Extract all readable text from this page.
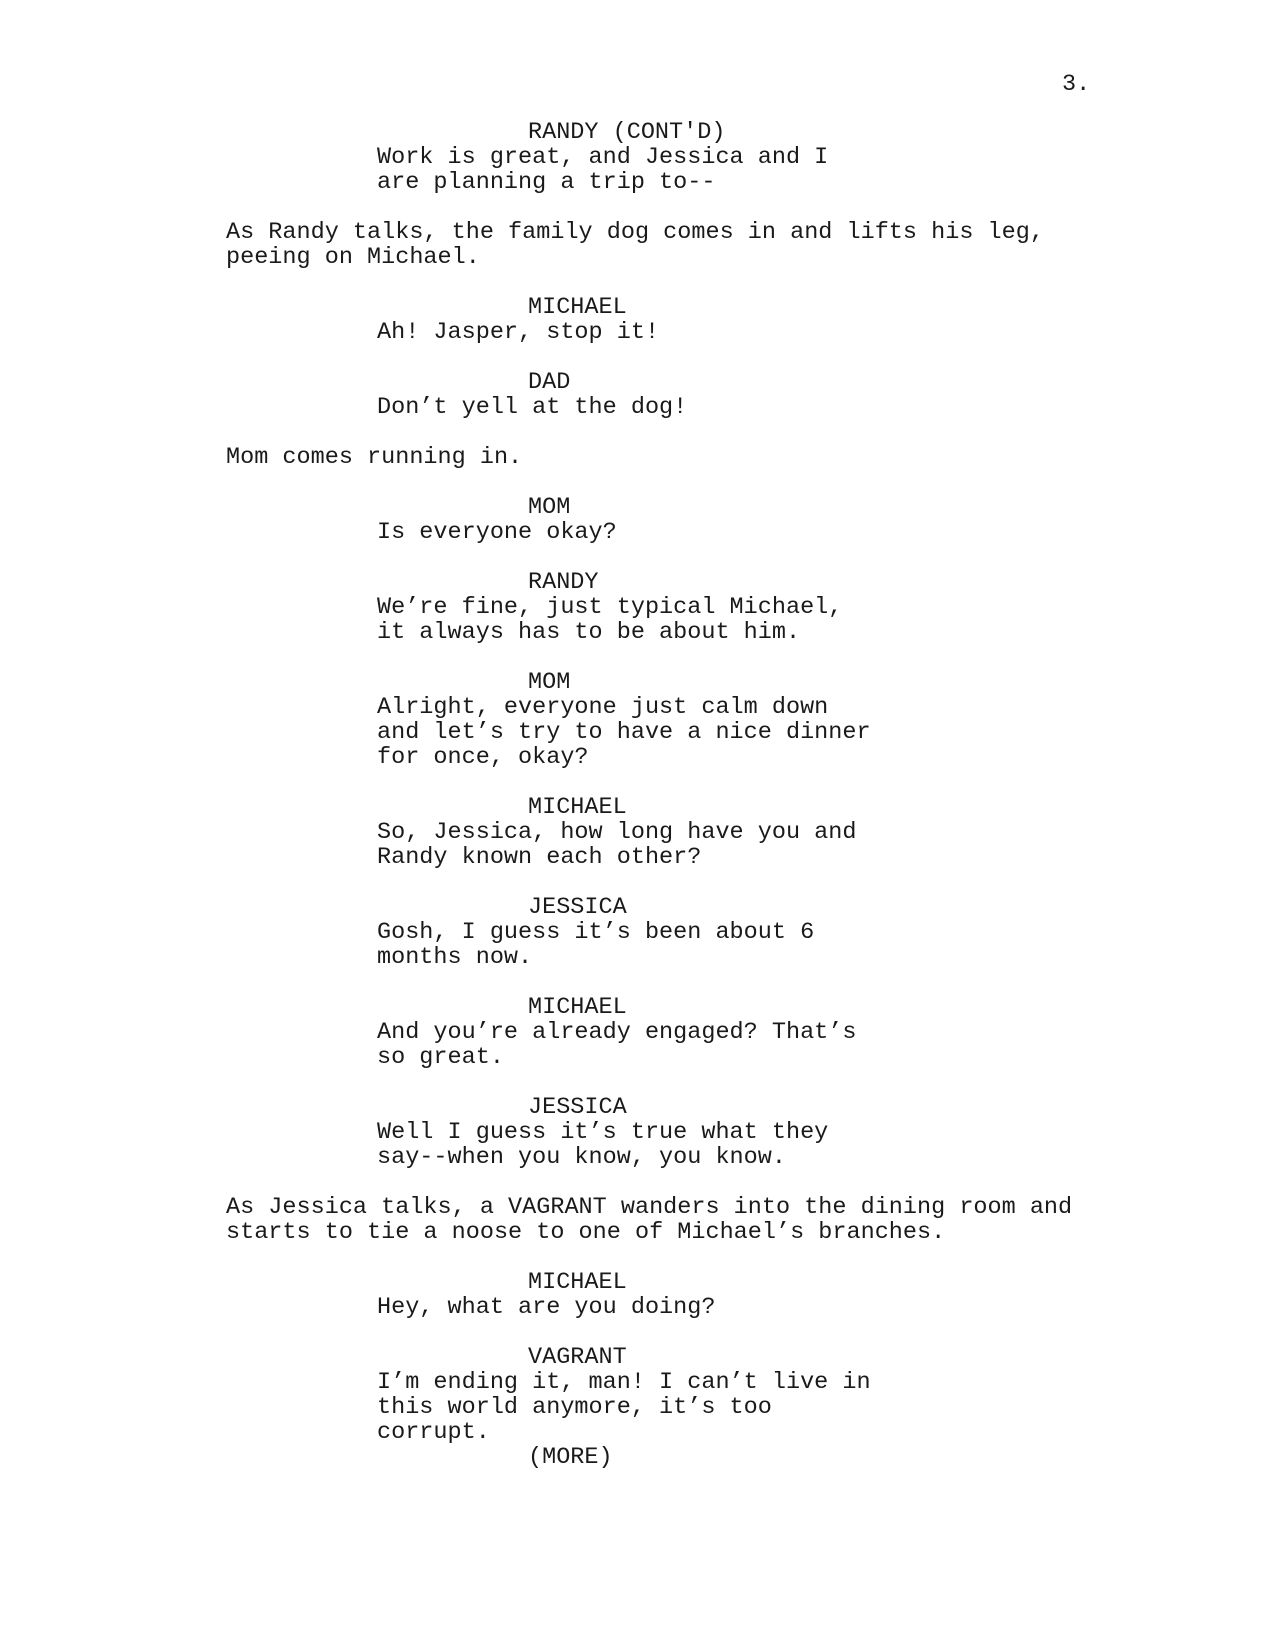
3.
RANDY (CONT'D)
Work is great, and Jessica and I
are planning a trip to--
As Randy talks, the family dog comes in and lifts his leg,
peeing on Michael.
MICHAEL
Ah! Jasper, stop it!
DAD
Don’t yell at the dog!
Mom comes running in.
MOM
Is everyone okay?
RANDY
We’re fine, just typical Michael,
it always has to be about him.
MOM
Alright, everyone just calm down
and let’s try to have a nice dinner
for once, okay?
MICHAEL
So, Jessica, how long have you and
Randy known each other?
JESSICA
Gosh, I guess it’s been about 6
months now.
MICHAEL
And you’re already engaged? That’s
so great.
JESSICA
Well I guess it’s true what they
say--when you know, you know.
As Jessica talks, a VAGRANT wanders into the dining room and
starts to tie a noose to one of Michael’s branches.
MICHAEL
Hey, what are you doing?
VAGRANT
I’m ending it, man! I can’t live in
this world anymore, it’s too
corrupt.
(MORE)
